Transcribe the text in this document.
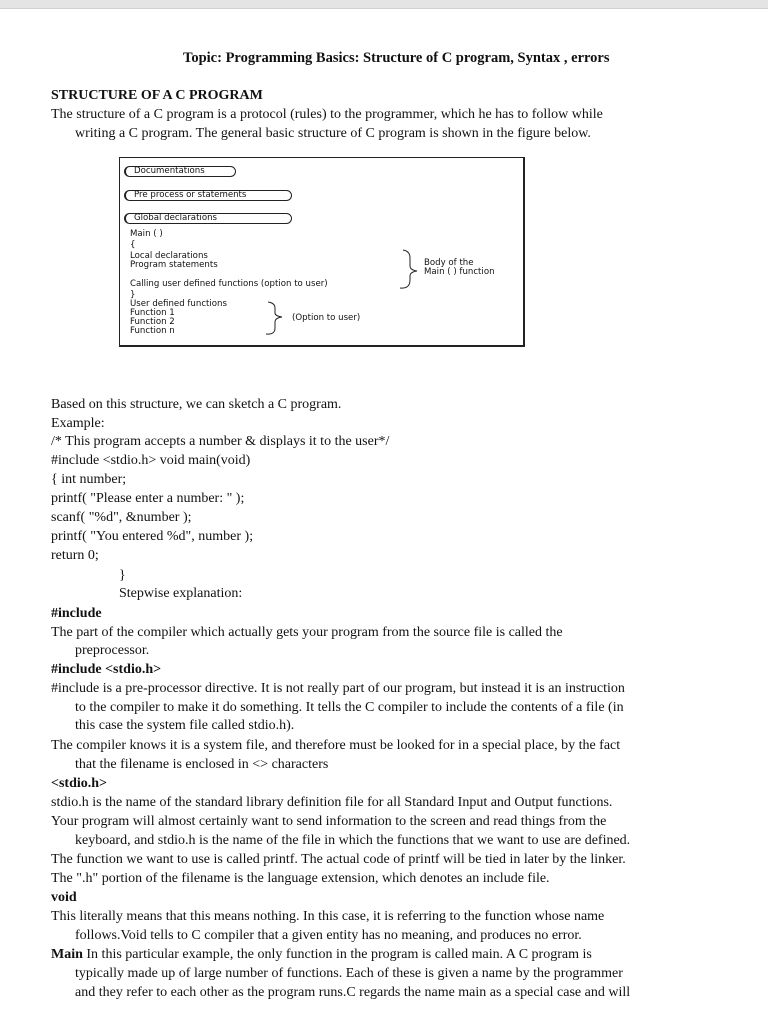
Topic: Programming Basics: Structure of C program, Syntax , errors
STRUCTURE OF A C PROGRAM
The structure of a C program is a protocol (rules) to the programmer, which he has to follow while
writing a C program. The general basic structure of C program is shown in the figure below.
Documentations
Pre process or statements
Global declarations
Main ( )
{
Local declarations
Program statements
Calling user defined functions (option to user)
}
User defined functions
Function 1
Function 2
Function n
Body of the
Main ( ) function
(Option to user)
Based on this structure, we can sketch a C program.
Example:
/* This program accepts a number & displays it to the user*/
#include <stdio.h> void main(void)
{ int number;
printf( "Please enter a number: " );
scanf( "%d", &number );
printf( "You entered %d", number );
return 0;
}
Stepwise explanation:
#include
The part of the compiler which actually gets your program from the source file is called the
preprocessor.
#include <stdio.h>
#include is a pre-processor directive. It is not really part of our program, but instead it is an instruction
to the compiler to make it do something. It tells the C compiler to include the contents of a file (in
this case the system file called stdio.h).
The compiler knows it is a system file, and therefore must be looked for in a special place, by the fact
that the filename is enclosed in <> characters
<stdio.h>
stdio.h is the name of the standard library definition file for all Standard Input and Output functions.
Your program will almost certainly want to send information to the screen and read things from the
keyboard, and stdio.h is the name of the file in which the functions that we want to use are defined.
The function we want to use is called printf. The actual code of printf will be tied in later by the linker.
The ".h" portion of the filename is the language extension, which denotes an include file.
void
This literally means that this means nothing. In this case, it is referring to the function whose name
follows.Void tells to C compiler that a given entity has no meaning, and produces no error.
Main In this particular example, the only function in the program is called main. A C program is
typically made up of large number of functions. Each of these is given a name by the programmer
and they refer to each other as the program runs.C regards the name main as a special case and will
